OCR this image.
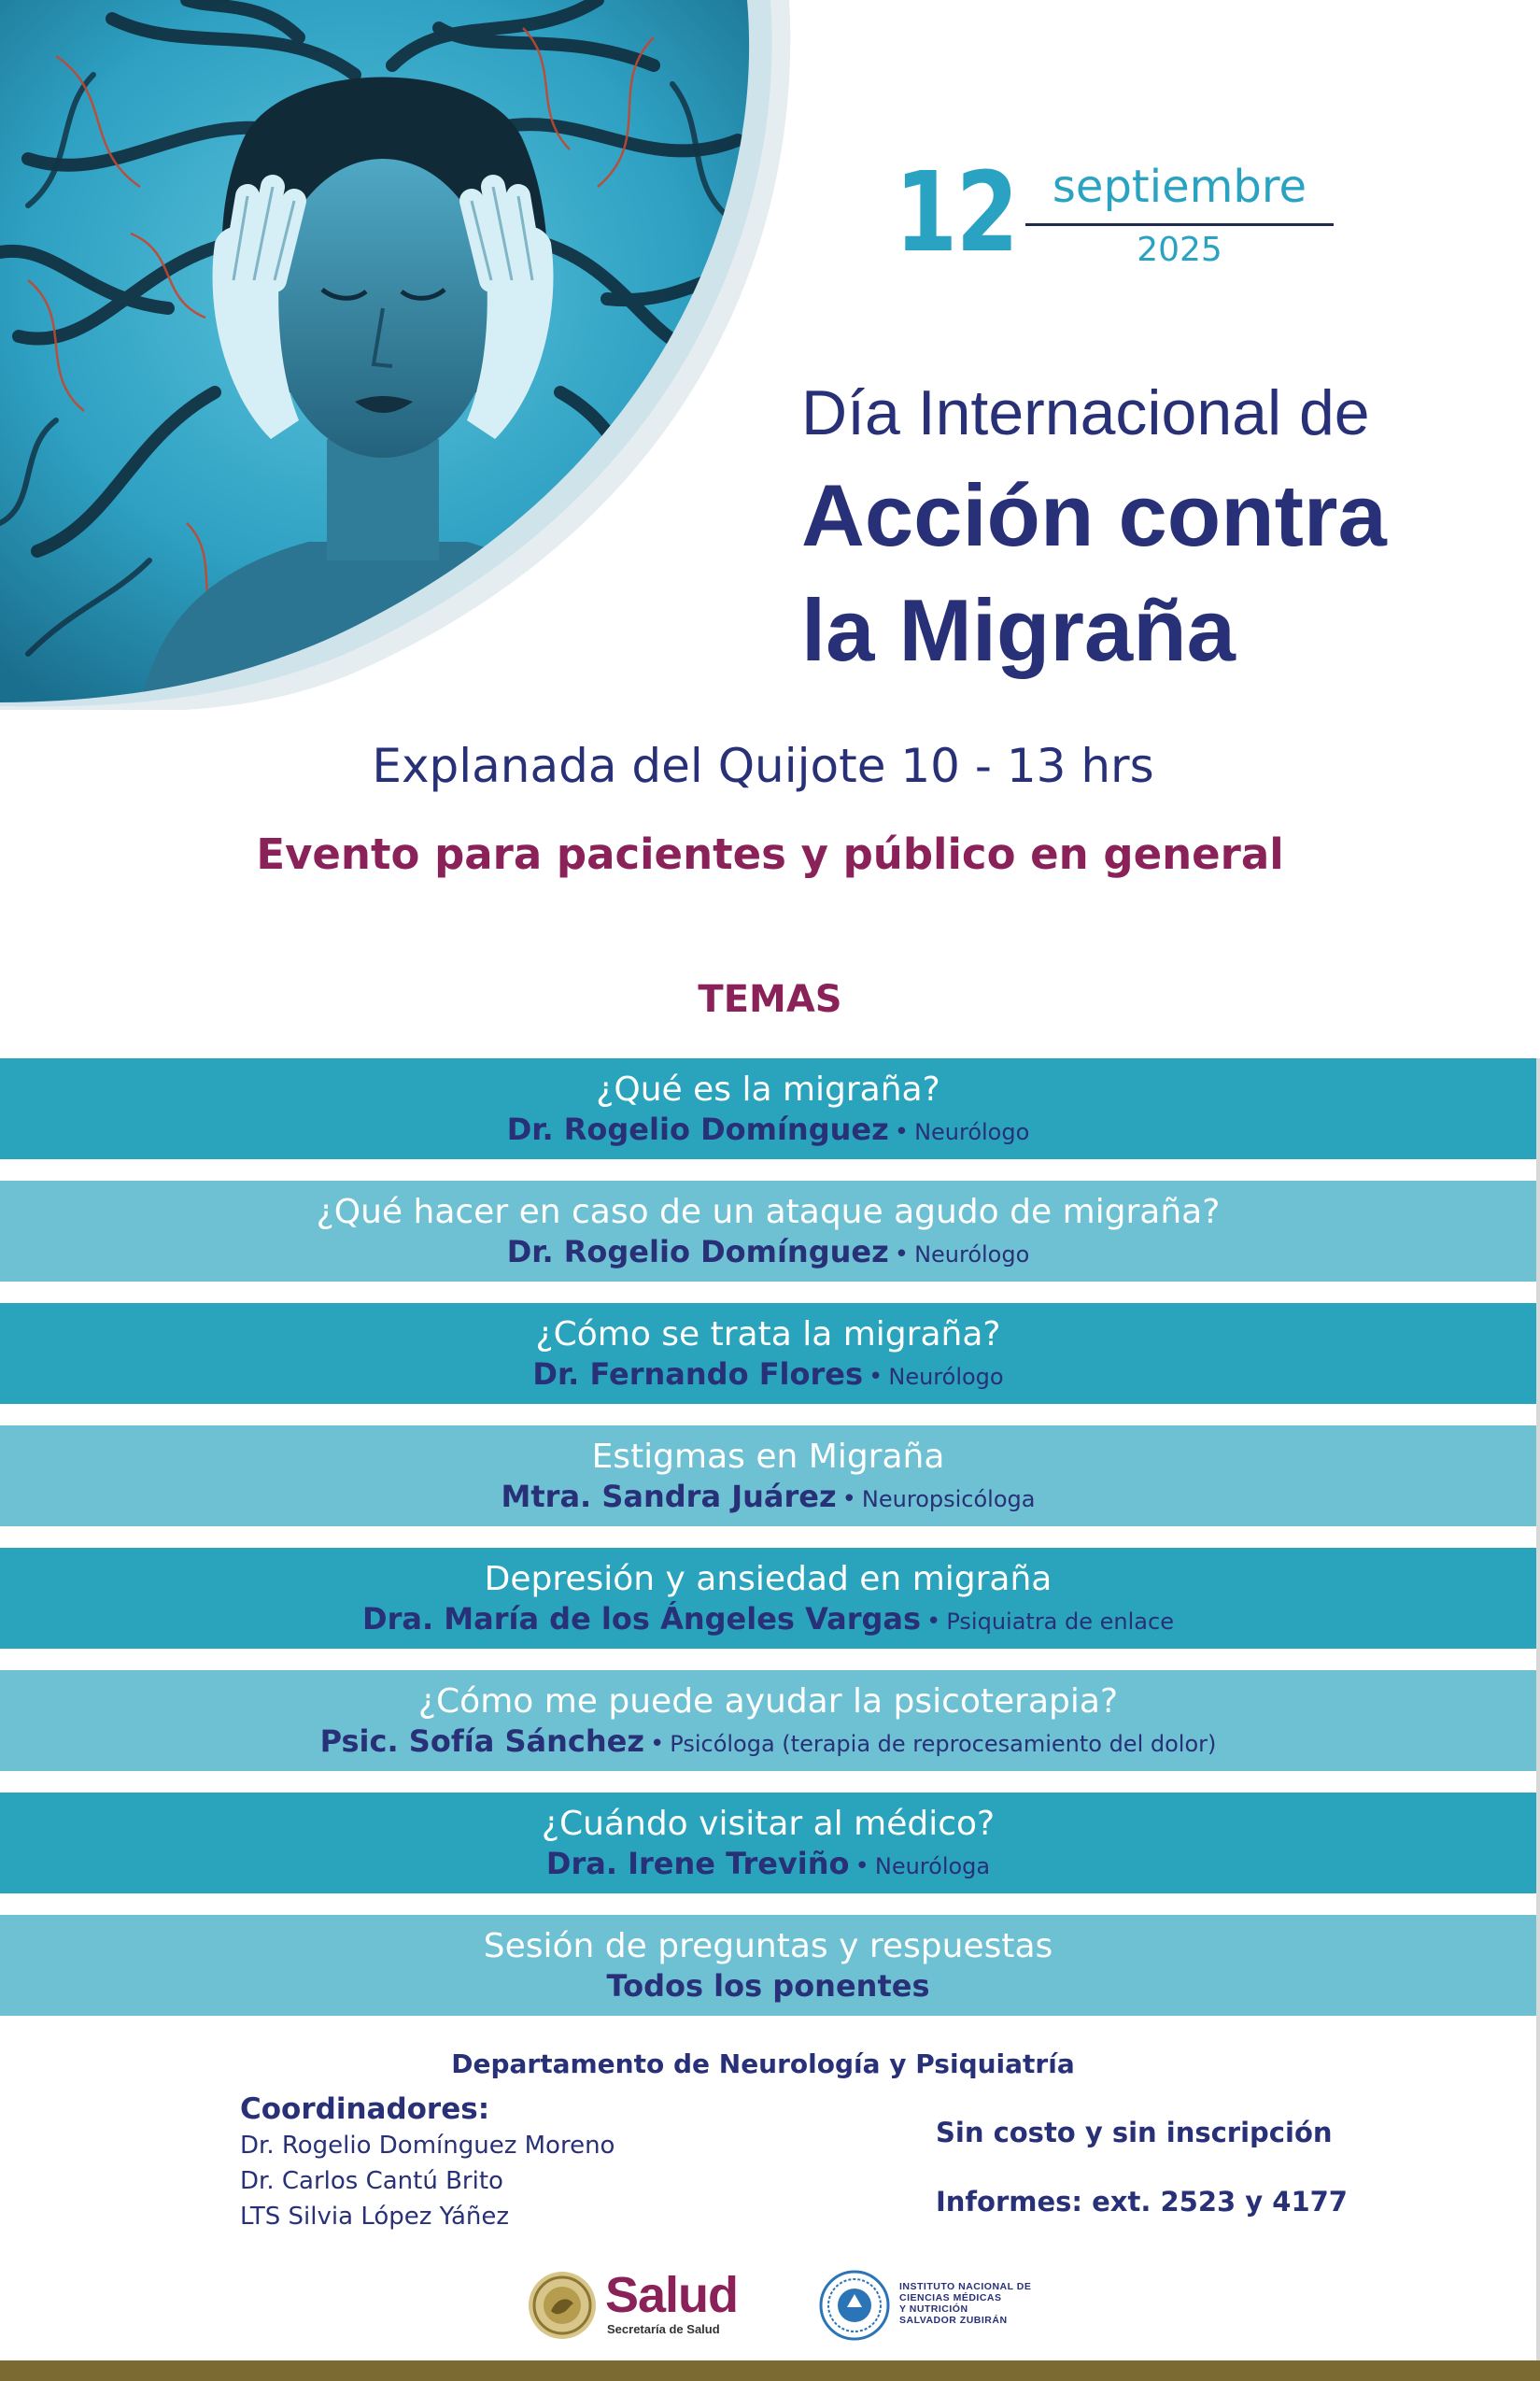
12 septiembre
2025
Día Internacional de
Acción contra
la Migraña
Explanada del Quijote 10 - 13 hrs
Evento para pacientes y público en general
TEMAS
¿Qué es la migraña?
Dr. Rogelio Domínguez • Neurólogo
¿Qué hacer en caso de un ataque agudo de migraña?
Dr. Rogelio Domínguez • Neurólogo
¿Cómo se trata la migraña?
Dr. Fernando Flores • Neurólogo
Estigmas en Migraña
Mtra. Sandra Juárez • Neuropsicóloga
Depresión y ansiedad en migraña
Dra. María de los Ángeles Vargas • Psiquiatra de enlace
¿Cómo me puede ayudar la psicoterapia?
Psic. Sofía Sánchez • Psicóloga (terapia de reprocesamiento del dolor)
¿Cuándo visitar al médico?
Dra. Irene Treviño • Neuróloga
Sesión de preguntas y respuestas
Todos los ponentes
Departamento de Neurología y Psiquiatría
Coordinadores:
Dr. Rogelio Domínguez Moreno
Dr. Carlos Cantú Brito
LTS Silvia López Yáñez
Sin costo y sin inscripción
Informes: ext. 2523 y 4177
Salud
Secretaría de Salud
INSTITUTO NACIONAL DE
CIENCIAS MÉDICAS
Y NUTRICIÓN
SALVADOR ZUBIRÁN
